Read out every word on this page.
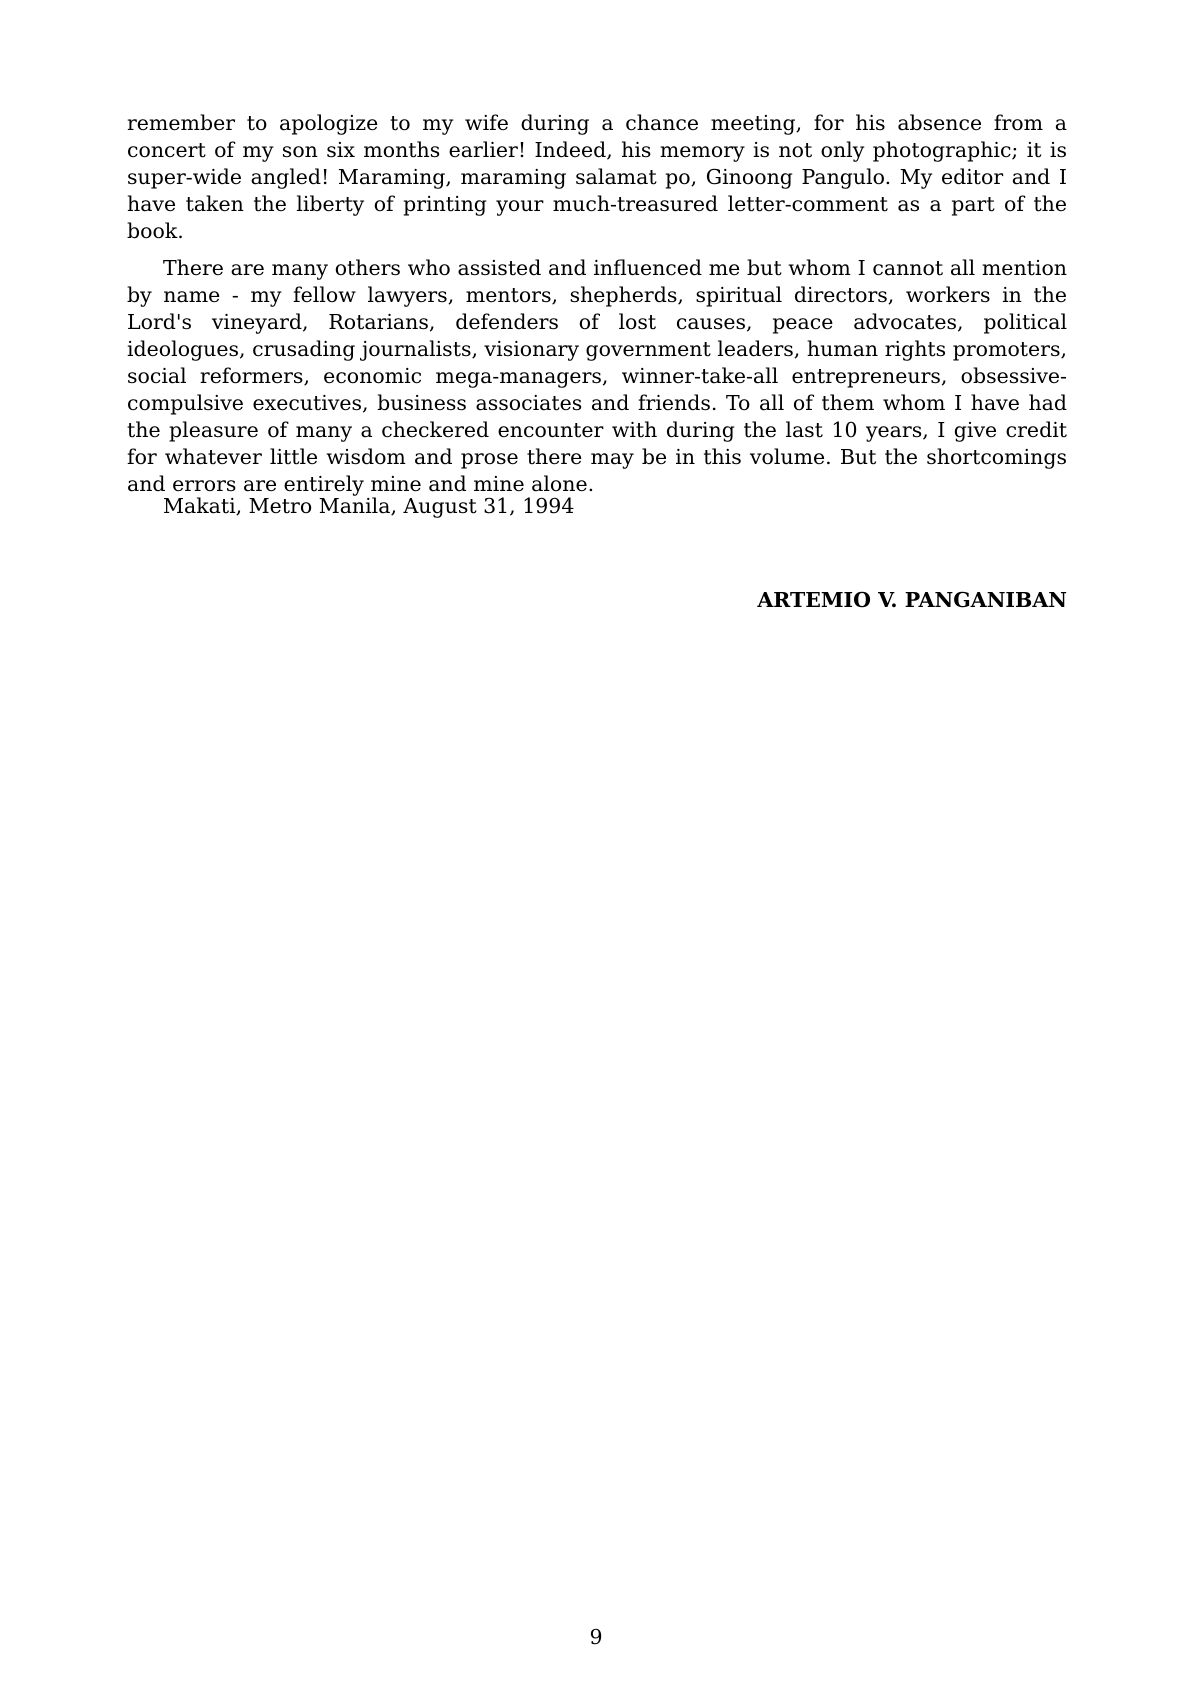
remember to apologize to my wife during a chance meeting, for his absence from a concert of my son six months earlier! Indeed, his memory is not only photographic; it is super-wide angled! Maraming, maraming salamat po, Ginoong Pangulo. My editor and I have taken the liberty of printing your much-treasured letter-comment as a part of the book.

There are many others who assisted and influenced me but whom I cannot all mention by name - my fellow lawyers, mentors, shepherds, spiritual directors, workers in the Lord's vineyard, Rotarians, defenders of lost causes, peace advocates, political ideologues, crusading journalists, visionary government leaders, human rights promoters, social reformers, economic mega-managers, winner-take-all entrepreneurs, obsessive-compulsive executives, business associates and friends. To all of them whom I have had the pleasure of many a checkered encounter with during the last 10 years, I give credit for whatever little wisdom and prose there may be in this volume. But the shortcomings and errors are entirely mine and mine alone.

Makati, Metro Manila, August 31, 1994
ARTEMIO V. PANGANIBAN
9
